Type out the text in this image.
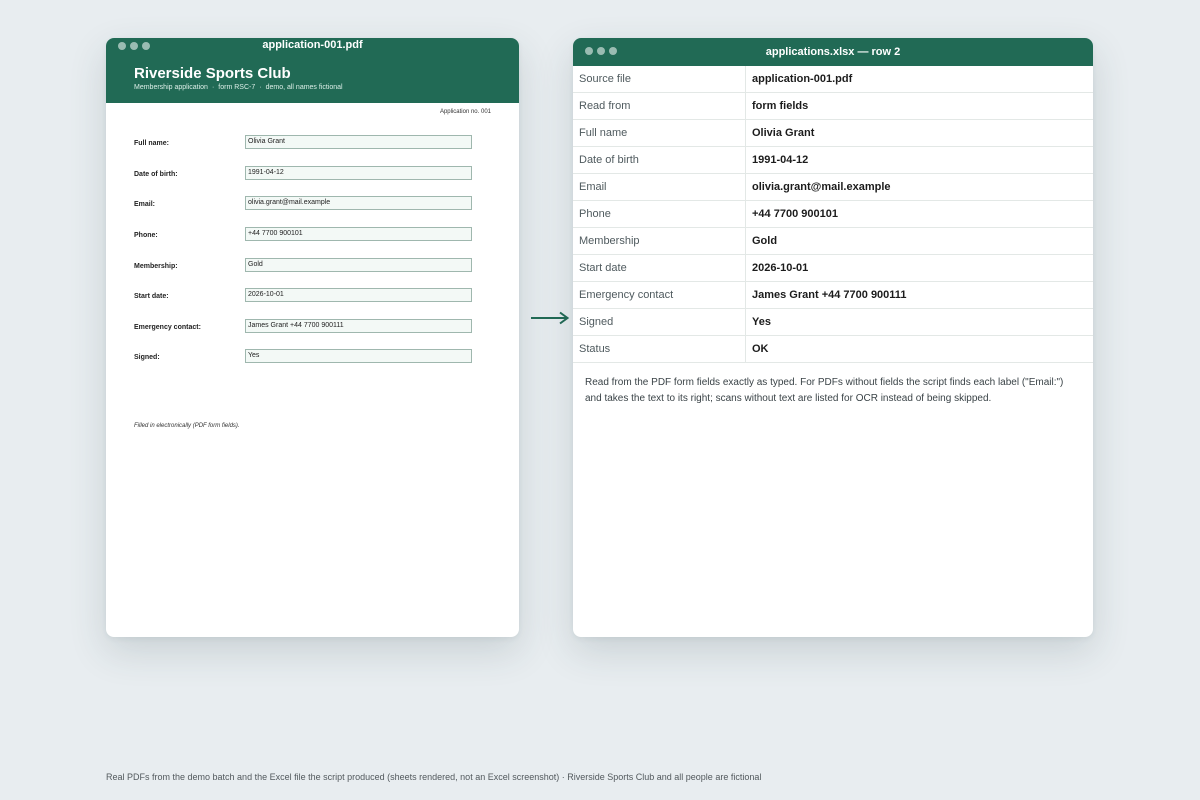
application-001.pdf
Riverside Sports Club
Membership application · form RSC-7 · demo, all names fictional
Application no. 001
Full name:	Olivia Grant
Date of birth:	1991-04-12
Email:	olivia.grant@mail.example
Phone:	+44 7700 900101
Membership:	Gold
Start date:	2026-10-01
Emergency contact:	James Grant +44 7700 900111
Signed:	Yes
Filled in electronically (PDF form fields).
applications.xlsx — row 2
Source file	application-001.pdf
Read from	form fields
Full name	Olivia Grant
Date of birth	1991-04-12
Email	olivia.grant@mail.example
Phone	+44 7700 900101
Membership	Gold
Start date	2026-10-01
Emergency contact	James Grant +44 7700 900111
Signed	Yes
Status	OK

Read from the PDF form fields exactly as typed. For PDFs without fields the script finds each label ("Email:") and takes the text to its right; scans without text are listed for OCR instead of being skipped.

Real PDFs from the demo batch and the Excel file the script produced (sheets rendered, not an Excel screenshot) · Riverside Sports Club and all people are fictional
